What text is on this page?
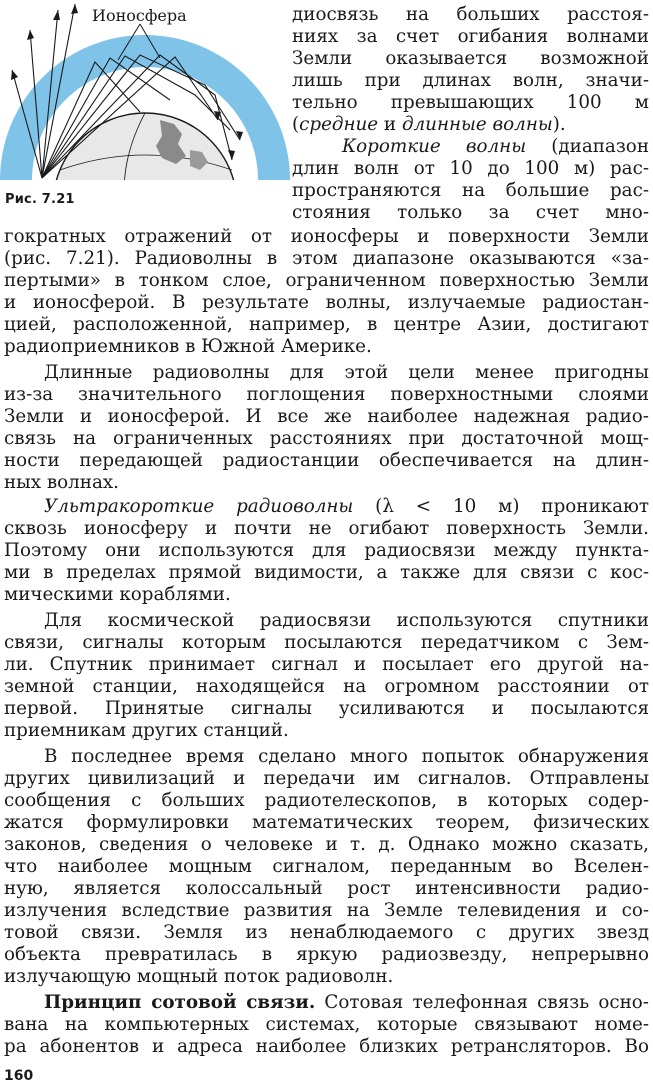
Ионосфера
Рис. 7.21
диосвязь на больших расстоя-
ниях за счет огибания волнами
Земли оказывается возможной
лишь при длинах волн, значи-
тельно превышающих 100 м
(средние и длинные волны).
Короткие волны (диапазон
длин волн от 10 до 100 м) рас-
пространяются на большие рас-
стояния только за счет мно-
гократных отражений от ионосферы и поверхности Земли
(рис. 7.21). Радиоволны в этом диапазоне оказываются «за-
пертыми» в тонком слое, ограниченном поверхностью Земли
и ионосферой. В результате волны, излучаемые радиостан-
цией, расположенной, например, в центре Азии, достигают
радиоприемников в Южной Америке.
Длинные радиоволны для этой цели менее пригодны
из-за значительного поглощения поверхностными слоями
Земли и ионосферой. И все же наиболее надежная радио-
связь на ограниченных расстояниях при достаточной мощ-
ности передающей радиостанции обеспечивается на длин-
ных волнах.
Ультракороткие радиоволны (λ < 10 м) проникают
сквозь ионосферу и почти не огибают поверхность Земли.
Поэтому они используются для радиосвязи между пункта-
ми в пределах прямой видимости, а также для связи с кос-
мическими кораблями.
Для космической радиосвязи используются спутники
связи, сигналы которым посылаются передатчиком с Зем-
ли. Спутник принимает сигнал и посылает его другой на-
земной станции, находящейся на огромном расстоянии от
первой. Принятые сигналы усиливаются и посылаются
приемникам других станций.
В последнее время сделано много попыток обнаружения
других цивилизаций и передачи им сигналов. Отправлены
сообщения с больших радиотелескопов, в которых содер-
жатся формулировки математических теорем, физических
законов, сведения о человеке и т. д. Однако можно сказать,
что наиболее мощным сигналом, переданным во Вселен-
ную, является колоссальный рост интенсивности радио-
излучения вследствие развития на Земле телевидения и со-
товой связи. Земля из ненаблюдаемого с других звезд
объекта превратилась в яркую радиозвезду, непрерывно
излучающую мощный поток радиоволн.
Принцип сотовой связи. Сотовая телефонная связь осно-
вана на компьютерных системах, которые связывают номе-
ра абонентов и адреса наиболее близких ретрансляторов. Во
160
